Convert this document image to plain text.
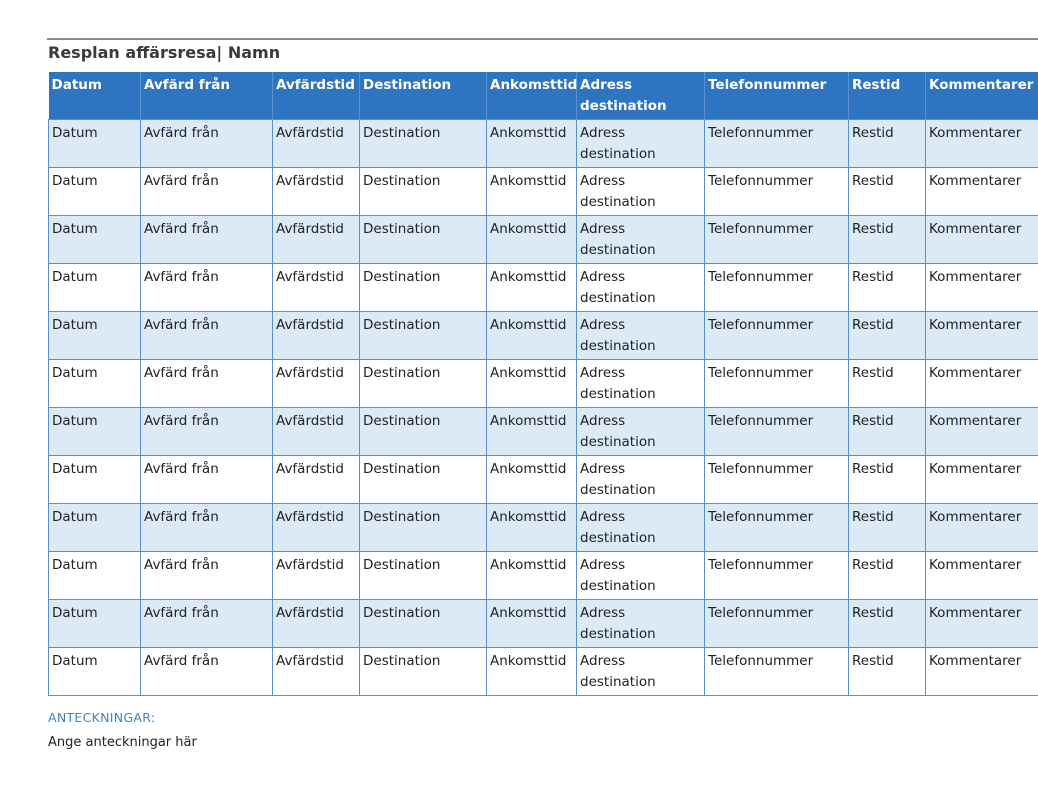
Resplan affärsresa| Namn
Datum	Avfärd från	Avfärdstid	Destination	Ankomsttid	Adress destination	Telefonnummer	Restid	Kommentarer
Datum	Avfärd från	Avfärdstid	Destination	Ankomsttid	Adress destination	Telefonnummer	Restid	Kommentarer
Datum	Avfärd från	Avfärdstid	Destination	Ankomsttid	Adress destination	Telefonnummer	Restid	Kommentarer
Datum	Avfärd från	Avfärdstid	Destination	Ankomsttid	Adress destination	Telefonnummer	Restid	Kommentarer
Datum	Avfärd från	Avfärdstid	Destination	Ankomsttid	Adress destination	Telefonnummer	Restid	Kommentarer
Datum	Avfärd från	Avfärdstid	Destination	Ankomsttid	Adress destination	Telefonnummer	Restid	Kommentarer
Datum	Avfärd från	Avfärdstid	Destination	Ankomsttid	Adress destination	Telefonnummer	Restid	Kommentarer
Datum	Avfärd från	Avfärdstid	Destination	Ankomsttid	Adress destination	Telefonnummer	Restid	Kommentarer
Datum	Avfärd från	Avfärdstid	Destination	Ankomsttid	Adress destination	Telefonnummer	Restid	Kommentarer
Datum	Avfärd från	Avfärdstid	Destination	Ankomsttid	Adress destination	Telefonnummer	Restid	Kommentarer
Datum	Avfärd från	Avfärdstid	Destination	Ankomsttid	Adress destination	Telefonnummer	Restid	Kommentarer
Datum	Avfärd från	Avfärdstid	Destination	Ankomsttid	Adress destination	Telefonnummer	Restid	Kommentarer
Datum	Avfärd från	Avfärdstid	Destination	Ankomsttid	Adress destination	Telefonnummer	Restid	Kommentarer
ANTECKNINGAR:
Ange anteckningar här
